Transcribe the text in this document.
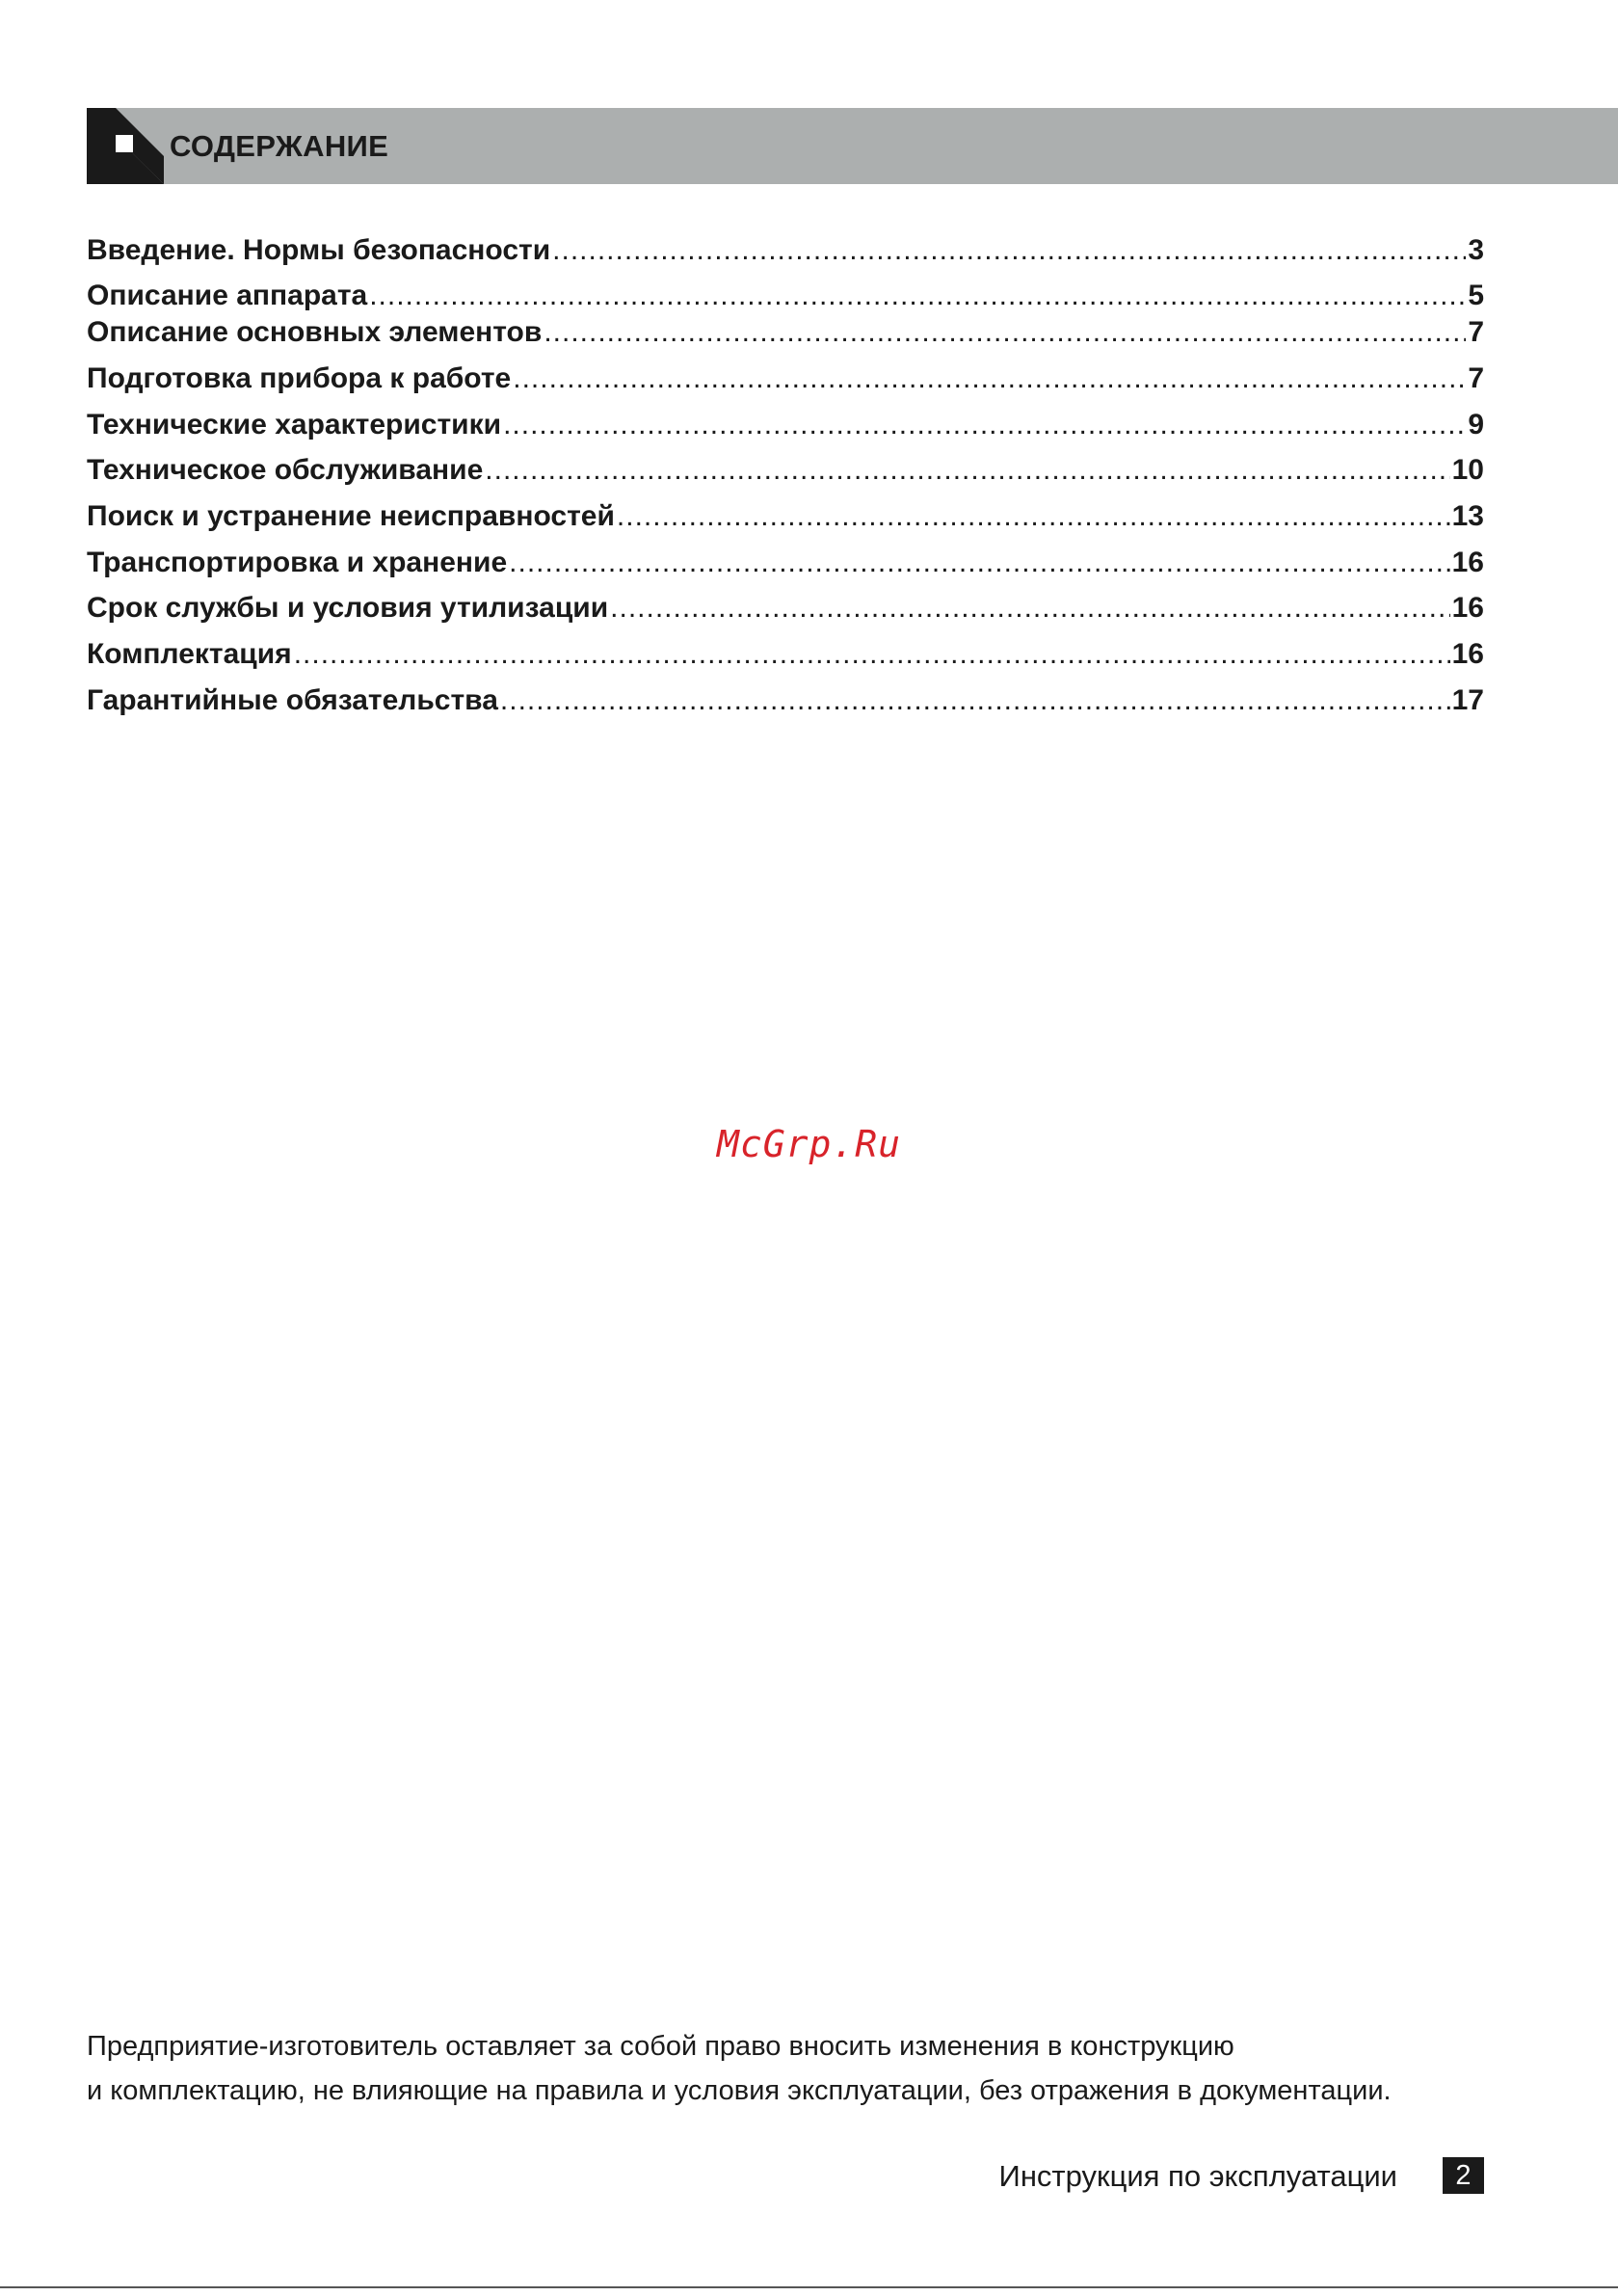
СОДЕРЖАНИЕ
Введение. Нормы безопасности .....	3
Описание аппарата .....	5
Описание основных элементов .....	7
Подготовка прибора к работе .....	7
Технические характеристики .....	9
Техническое обслуживание .....	10
Поиск и устранение неисправностей .....	13
Транспортировка и хранение .....	16
Срок службы и условия утилизации .....	16
Комплектация .....	16
Гарантийные обязательства .....	17
McGrp.Ru
Предприятие-изготовитель оставляет за собой право вносить изменения в конструкцию
и комплектацию, не влияющие на правила и условия эксплуатации, без отражения в документации.
Инструкция по эксплуатации	2
